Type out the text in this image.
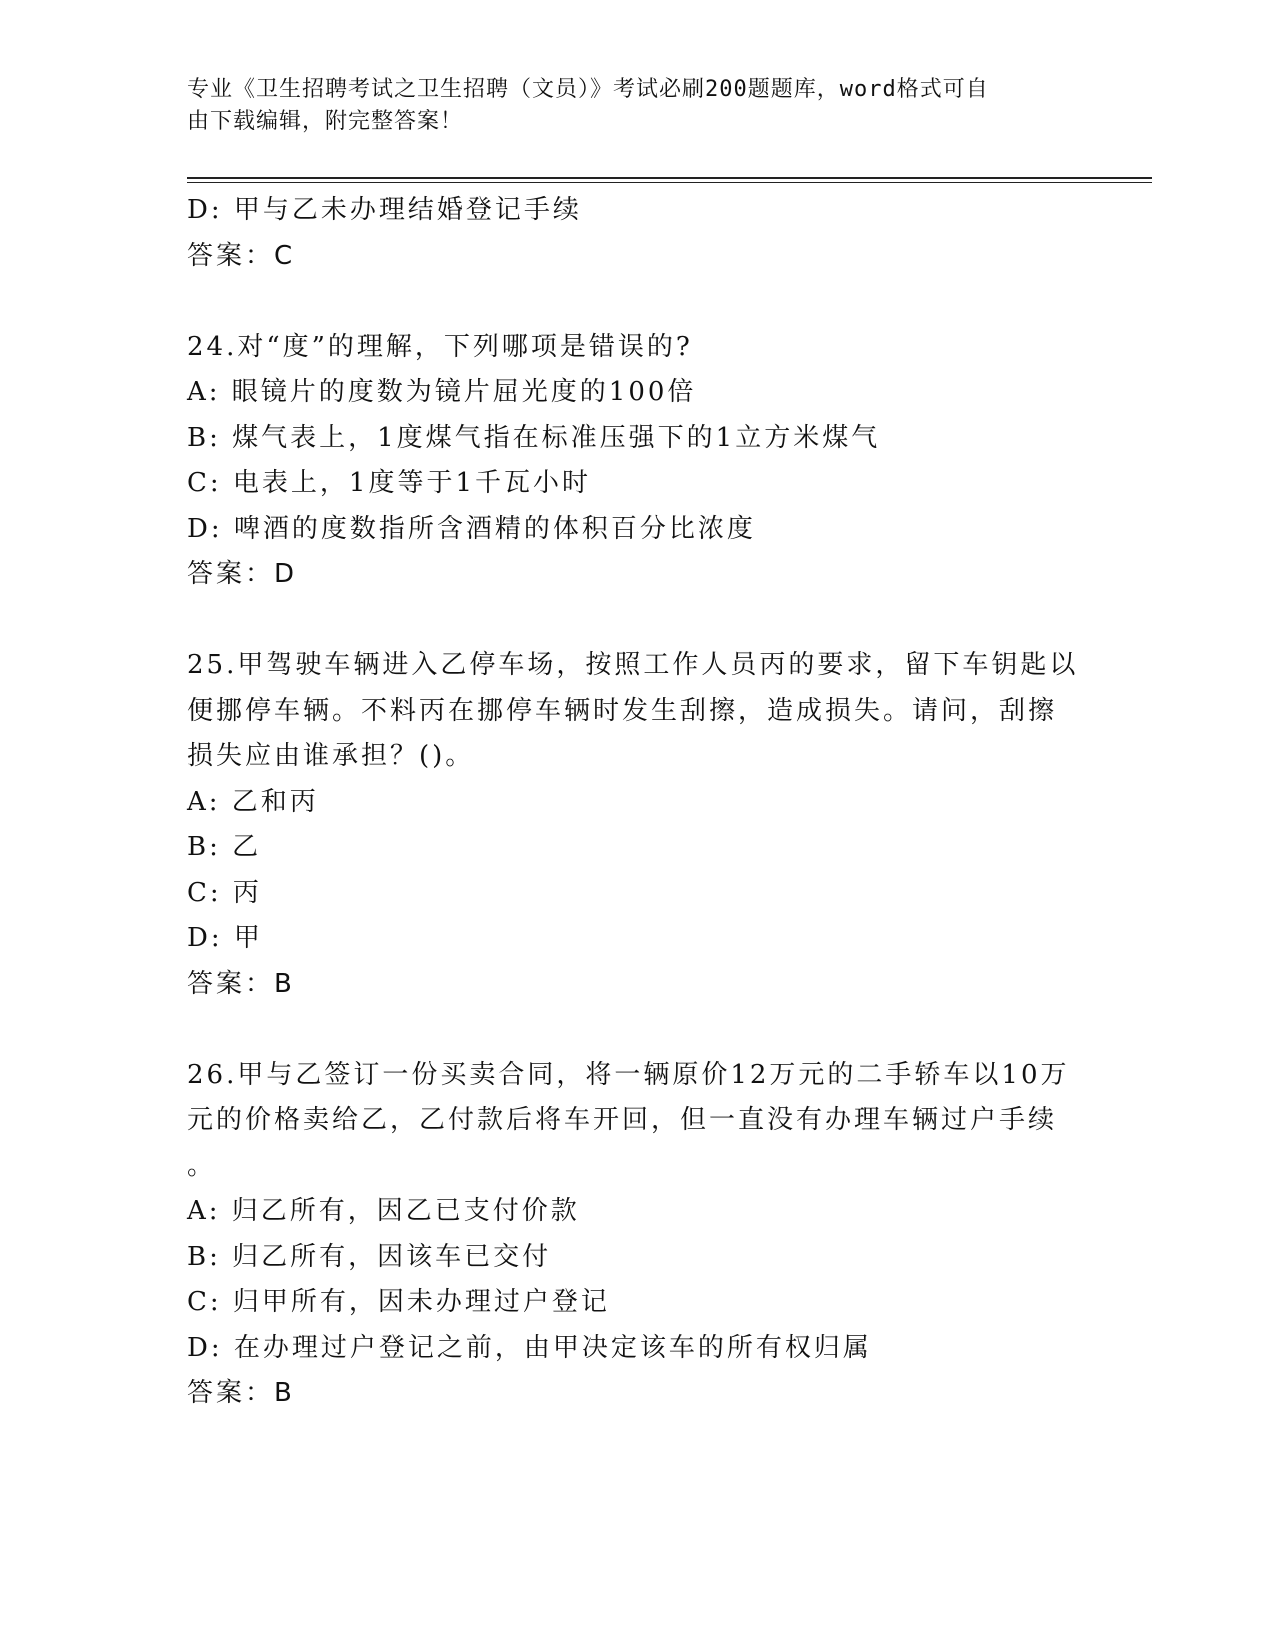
专业《卫生招聘考试之卫生招聘（文员）》考试必刷200题题库，word格式可自
由下载编辑，附完整答案！
D: 甲与乙未办理结婚登记手续
答案：C
24.对“度”的理解，下列哪项是错误的?
A: 眼镜片的度数为镜片屈光度的100倍
B: 煤气表上，1度煤气指在标准压强下的1立方米煤气
C: 电表上，1度等于1千瓦小时
D: 啤酒的度数指所含酒精的体积百分比浓度
答案：D
25.甲驾驶车辆进入乙停车场，按照工作人员丙的要求，留下车钥匙以
便挪停车辆。不料丙在挪停车辆时发生刮擦，造成损失。请问，刮擦
损失应由谁承担？()。
A: 乙和丙
B: 乙
C: 丙
D: 甲
答案：B
26.甲与乙签订一份买卖合同，将一辆原价12万元的二手轿车以10万
元的价格卖给乙，乙付款后将车开回，但一直没有办理车辆过户手续
。
A: 归乙所有，因乙已支付价款
B: 归乙所有，因该车已交付
C: 归甲所有，因未办理过户登记
D: 在办理过户登记之前，由甲决定该车的所有权归属
答案：B
